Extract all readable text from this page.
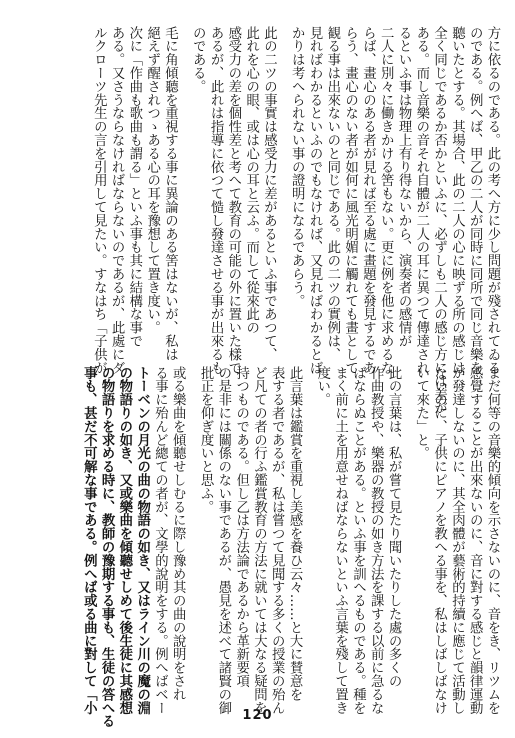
方に依るのである。此の考へ方に少し問題が殘されてゐる
のである。例へば、甲乙の二人が同時に同所で同じ音樂を
聽いたとする。其場合、此の二人の心に映ずる所の感じは
全く同じであるか否かといふに、必ずしも二人の感じ方には差が
ある。而し音樂の音それ自體が二人の耳に異つて傳達され
るといふ事は物理上有り得ないから、演奏者の感情が
二人に別々に働きかける筈もない。更に例を他に求めるな
らば、畫心のある者が見れば至る處に畫題を發見するであ
らう、畫心のない者が如何に風光明媚に觸れても畫として
観る事は出來ないのと同じである。此の二ツの實例は、
見ればわかるといふのでもなければ、又見ればわかるとば
かりは考へられない事の證明になるであらう。
此の二ツの事實は感受力に差があるといふ事であつて、
此れを心の眼、或は心の耳と云ふ。而して從來此の
感受力の差を個性差と考へて教育の可能の外に置いた樣で
あるが、此れは指導に依つて慥し發達させる事が出來るも
のである。
毛に角傾聽を重視する事に異論のある筈はないが、私は
絕えず醒されつゝある心の耳を豫想して置き度い。
次に「作曲も歌曲も謂る」といふ事も其に結構な事で
ある。又さうならなければならないのであるが、此處にダ
ルクローツ先生の言を引用して見たい。すなはち「子供が
まだ何等の音樂的傾向を示さないのに、音をき、リツムを
感覺することが出來ないのに、音に對する感じと韻律運動
が發達しないのに、其全肉體が藝術的持續に應じて活動し
ないのに、子供にピアノを教へる事を、私はしばしばなけ
いて來た」と。
此の言葉は、私が嘗て見たり聞いたりした處の多くの
作曲教授や、樂器の教授の如き方法を課する以前に急るな
ばならぬことがある。といふ事を訓へるものである。種を
まく前に土を用意せねばならないといふ言葉を殘して置き
度い。
此言葉は鑑賞を重視し美感を養ひ云々……と大に賛意を
表する者であるが、私は嘗つて見聞する多くの授業の殆ん
ど凡ての者の行ふ鑑賞教育の方法に就いては大なる疑問を
持つものである。但し乙は方法論であるから革新要項
の是非には關係のない事であるが、愚見を述べて諸賢の御
批正を仰ぎ度いと思ふ。
或る樂曲を傾聽せしむるに際し豫め其の曲の說明をされ
る事に殆んど總ての者が、文學的說明をする。例へばベー
トーベンの月光の曲の物語の如き、又はライン川の魔の淵
の物語りの如き、又或樂曲を傾聽せしめて後生徒に其感想
の物語りを求める時に、教師の豫期する事も、生徒の答へる
事も、甚だ不可解な事である。例へば或る曲に對して「小
120
